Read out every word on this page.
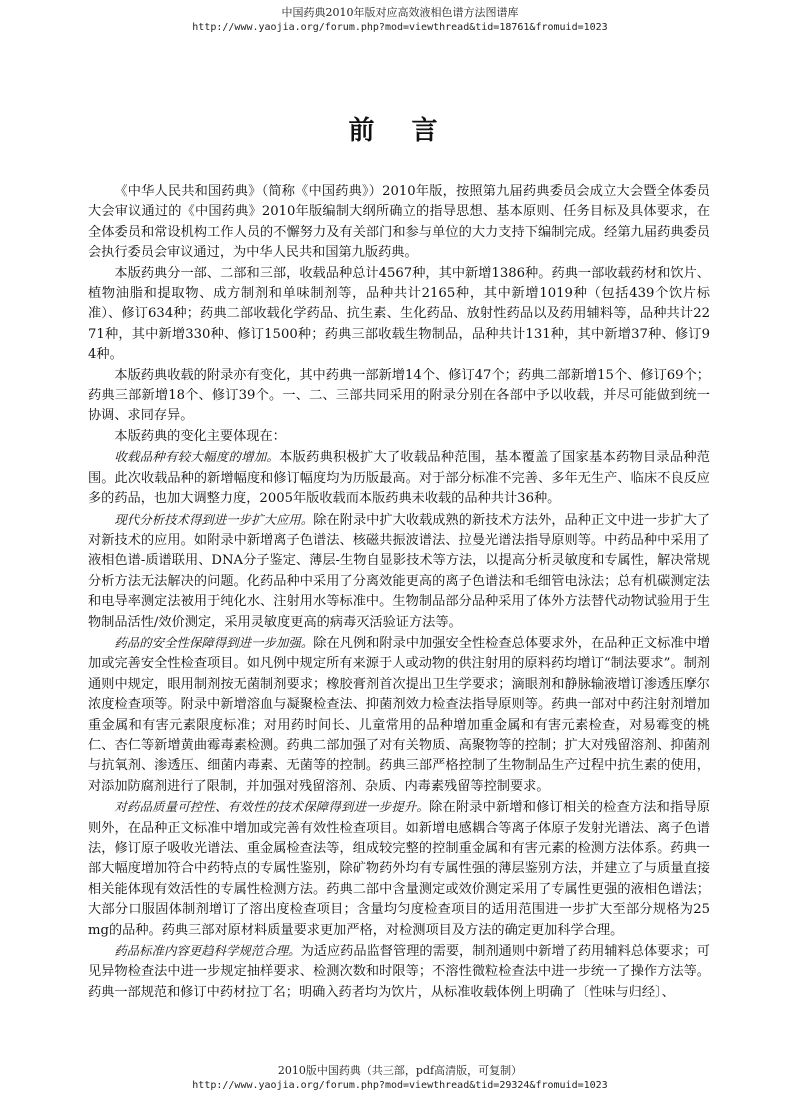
中国药典2010年版对应高效液相色谱方法图谱库
http://www.yaojia.org/forum.php?mod=viewthread&tid=18761&fromuid=1023
前 言

《中华人民共和国药典》（简称《中国药典》）2010年版，按照第九届药典委员会成立大会暨全体委员大会审议通过的《中国药典》2010年版编制大纲所确立的指导思想、基本原则、任务目标及具体要求，在全体委员和常设机构工作人员的不懈努力及有关部门和参与单位的大力支持下编制完成。经第九届药典委员会执行委员会审议通过，为中华人民共和国第九版药典。

本版药典分一部、二部和三部，收载品种总计4567种，其中新增1386种。药典一部收载药材和饮片、植物油脂和提取物、成方制剂和单味制剂等，品种共计2165种，其中新增1019种（包括439个饮片标准）、修订634种；药典二部收载化学药品、抗生素、生化药品、放射性药品以及药用辅料等，品种共计2271种，其中新增330种、修订1500种；药典三部收载生物制品，品种共计131种，其中新增37种、修订94种。

本版药典收载的附录亦有变化，其中药典一部新增14个、修订47个；药典二部新增15个、修订69个；药典三部新增18个、修订39个。一、二、三部共同采用的附录分别在各部中予以收载，并尽可能做到统一协调、求同存异。

本版药典的变化主要体现在：

收载品种有较大幅度的增加。本版药典积极扩大了收载品种范围，基本覆盖了国家基本药物目录品种范围。此次收载品种的新增幅度和修订幅度均为历版最高。对于部分标准不完善、多年无生产、临床不良反应多的药品，也加大调整力度，2005年版收载而本版药典未收载的品种共计36种。

现代分析技术得到进一步扩大应用。除在附录中扩大收载成熟的新技术方法外，品种正文中进一步扩大了对新技术的应用。如附录中新增离子色谱法、核磁共振波谱法、拉曼光谱法指导原则等。中药品种中采用了液相色谱-质谱联用、DNA分子鉴定、薄层-生物自显影技术等方法，以提高分析灵敏度和专属性，解决常规分析方法无法解决的问题。化药品种中采用了分离效能更高的离子色谱法和毛细管电泳法；总有机碳测定法和电导率测定法被用于纯化水、注射用水等标准中。生物制品部分品种采用了体外方法替代动物试验用于生物制品活性/效价测定，采用灵敏度更高的病毒灭活验证方法等。

药品的安全性保障得到进一步加强。除在凡例和附录中加强安全性检查总体要求外，在品种正文标准中增加或完善安全性检查项目。如凡例中规定所有来源于人或动物的供注射用的原料药均增订“制法要求”。制剂通则中规定，眼用制剂按无菌制剂要求；橡胶膏剂首次提出卫生学要求；滴眼剂和静脉输液增订渗透压摩尔浓度检查项等。附录中新增溶血与凝聚检查法、抑菌剂效力检查法指导原则等。药典一部对中药注射剂增加重金属和有害元素限度标准；对用药时间长、儿童常用的品种增加重金属和有害元素检查，对易霉变的桃仁、杏仁等新增黄曲霉毒素检测。药典二部加强了对有关物质、高聚物等的控制；扩大对残留溶剂、抑菌剂与抗氧剂、渗透压、细菌内毒素、无菌等的控制。药典三部严格控制了生物制品生产过程中抗生素的使用，对添加防腐剂进行了限制，并加强对残留溶剂、杂质、内毒素残留等控制要求。

对药品质量可控性、有效性的技术保障得到进一步提升。除在附录中新增和修订相关的检查方法和指导原则外，在品种正文标准中增加或完善有效性检查项目。如新增电感耦合等离子体原子发射光谱法、离子色谱法，修订原子吸收光谱法、重金属检查法等，组成较完整的控制重金属和有害元素的检测方法体系。药典一部大幅度增加符合中药特点的专属性鉴别，除矿物药外均有专属性强的薄层鉴别方法，并建立了与质量直接相关能体现有效活性的专属性检测方法。药典二部中含量测定或效价测定采用了专属性更强的液相色谱法；大部分口服固体制剂增订了溶出度检查项目；含量均匀度检查项目的适用范围进一步扩大至部分规格为25mg的品种。药典三部对原材料质量要求更加严格，对检测项目及方法的确定更加科学合理。

药品标准内容更趋科学规范合理。为适应药品监督管理的需要，制剂通则中新增了药用辅料总体要求；可见异物检查法中进一步规定抽样要求、检测次数和时限等；不溶性微粒检查法中进一步统一了操作方法等。药典一部规范和修订中药材拉丁名；明确入药者均为饮片，从标准收载体例上明确了〔性味与归经〕、

2010版中国药典（共三部，pdf高清版，可复制）
http://www.yaojia.org/forum.php?mod=viewthread&tid=29324&fromuid=1023
